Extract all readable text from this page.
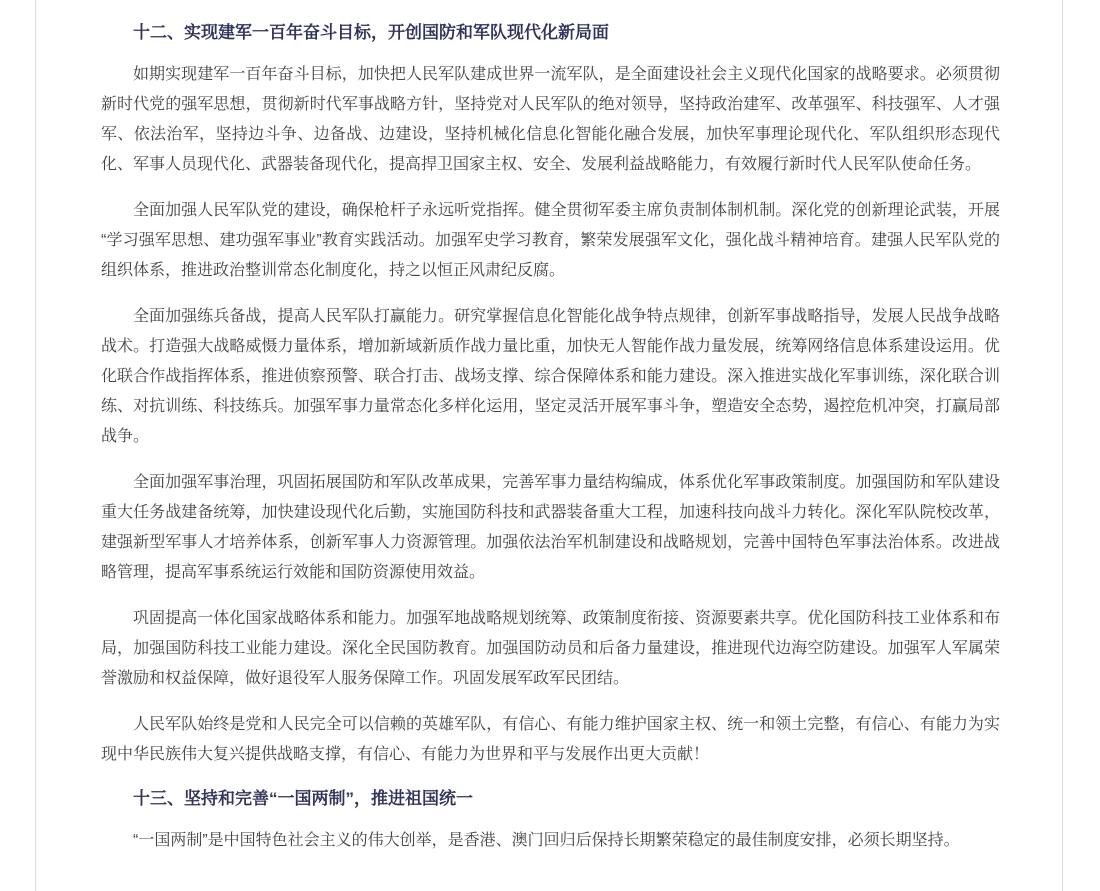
十二、实现建军一百年奋斗目标，开创国防和军队现代化新局面

如期实现建军一百年奋斗目标，加快把人民军队建成世界一流军队，是全面建设社会主义现代化国家的战略要求。必须贯彻新时代党的强军思想，贯彻新时代军事战略方针，坚持党对人民军队的绝对领导，坚持政治建军、改革强军、科技强军、人才强军、依法治军，坚持边斗争、边备战、边建设，坚持机械化信息化智能化融合发展，加快军事理论现代化、军队组织形态现代化、军事人员现代化、武器装备现代化，提高捍卫国家主权、安全、发展利益战略能力，有效履行新时代人民军队使命任务。

全面加强人民军队党的建设，确保枪杆子永远听党指挥。健全贯彻军委主席负责制体制机制。深化党的创新理论武装，开展“学习强军思想、建功强军事业”教育实践活动。加强军史学习教育，繁荣发展强军文化，强化战斗精神培育。建强人民军队党的组织体系，推进政治整训常态化制度化，持之以恒正风肃纪反腐。

全面加强练兵备战，提高人民军队打赢能力。研究掌握信息化智能化战争特点规律，创新军事战略指导，发展人民战争战略战术。打造强大战略威慑力量体系，增加新域新质作战力量比重，加快无人智能作战力量发展，统筹网络信息体系建设运用。优化联合作战指挥体系，推进侦察预警、联合打击、战场支撑、综合保障体系和能力建设。深入推进实战化军事训练，深化联合训练、对抗训练、科技练兵。加强军事力量常态化多样化运用，坚定灵活开展军事斗争，塑造安全态势，遏控危机冲突，打赢局部战争。

全面加强军事治理，巩固拓展国防和军队改革成果，完善军事力量结构编成，体系优化军事政策制度。加强国防和军队建设重大任务战建备统筹，加快建设现代化后勤，实施国防科技和武器装备重大工程，加速科技向战斗力转化。深化军队院校改革，建强新型军事人才培养体系，创新军事人力资源管理。加强依法治军机制建设和战略规划，完善中国特色军事法治体系。改进战略管理，提高军事系统运行效能和国防资源使用效益。

巩固提高一体化国家战略体系和能力。加强军地战略规划统筹、政策制度衔接、资源要素共享。优化国防科技工业体系和布局，加强国防科技工业能力建设。深化全民国防教育。加强国防动员和后备力量建设，推进现代边海空防建设。加强军人军属荣誉激励和权益保障，做好退役军人服务保障工作。巩固发展军政军民团结。

人民军队始终是党和人民完全可以信赖的英雄军队，有信心、有能力维护国家主权、统一和领土完整，有信心、有能力为实现中华民族伟大复兴提供战略支撑，有信心、有能力为世界和平与发展作出更大贡献！

十三、坚持和完善“一国两制”，推进祖国统一

“一国两制”是中国特色社会主义的伟大创举，是香港、澳门回归后保持长期繁荣稳定的最佳制度安排，必须长期坚持。
